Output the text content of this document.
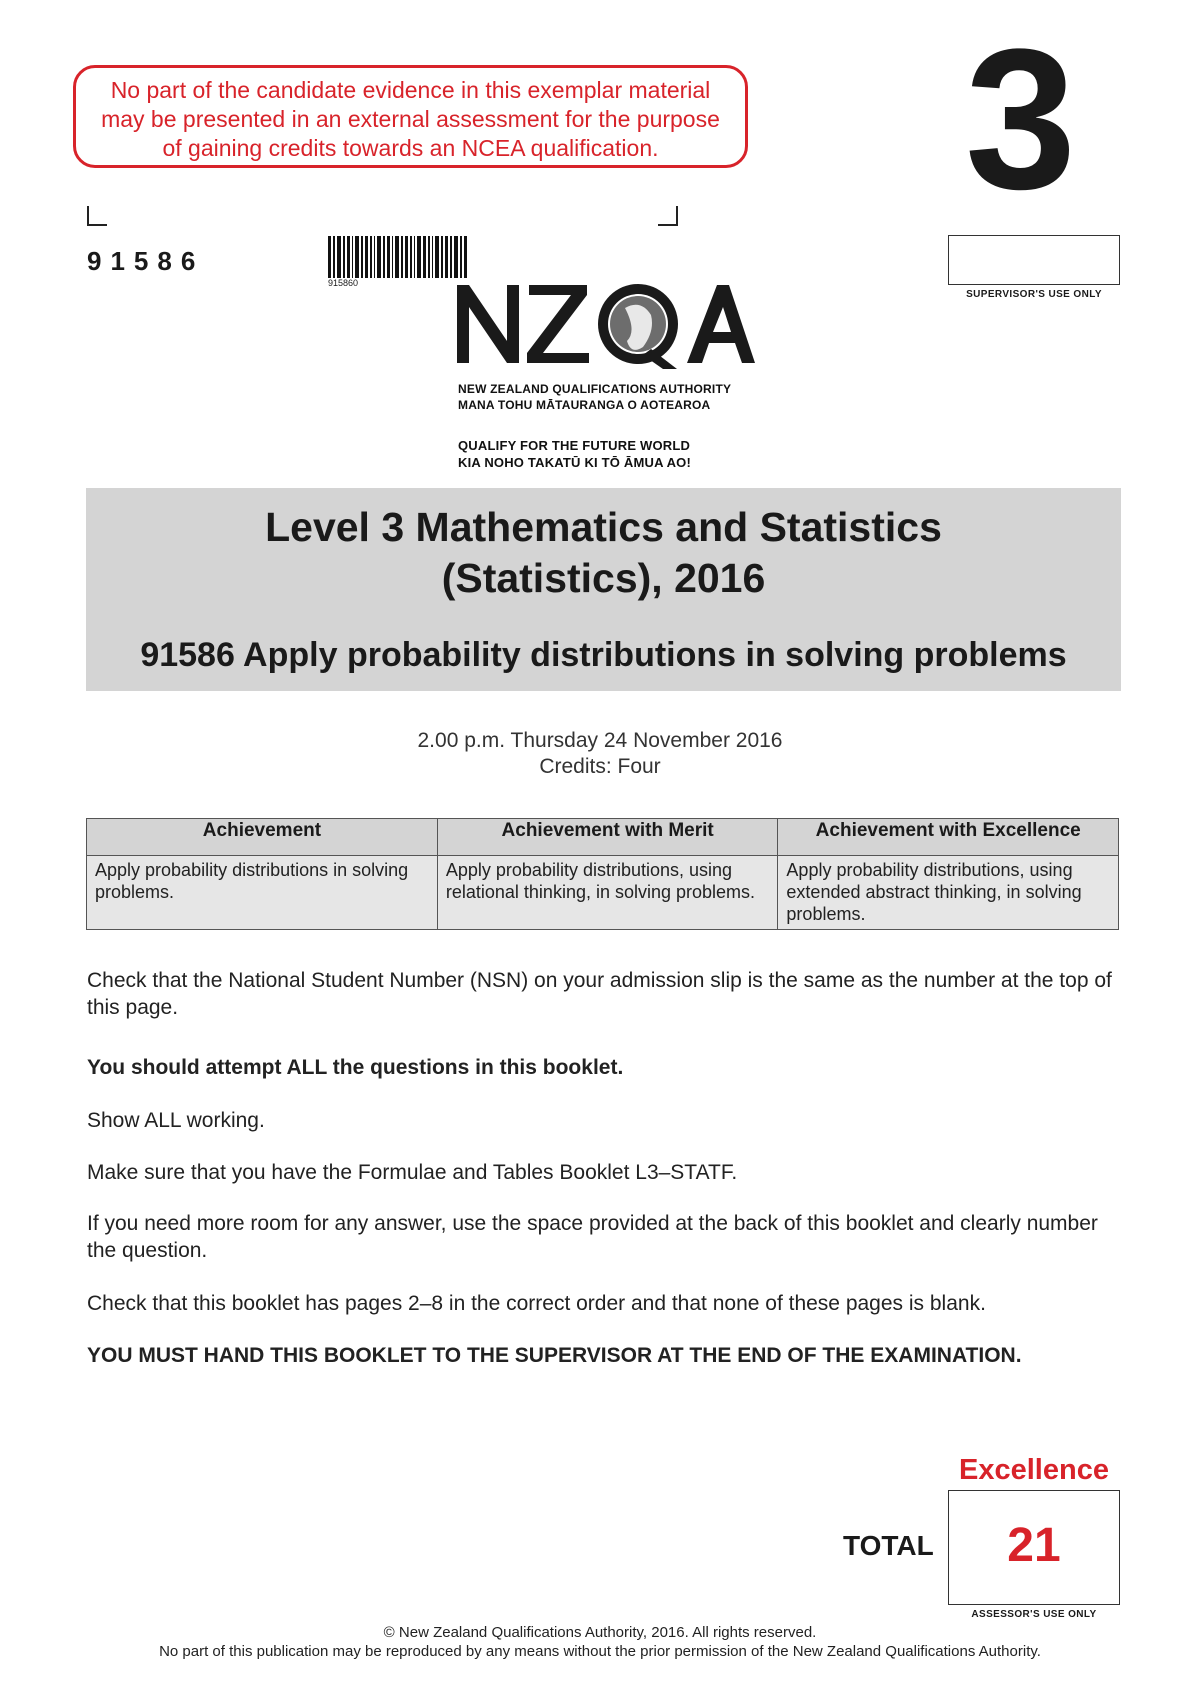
No part of the candidate evidence in this exemplar material
may be presented in an external assessment for the purpose
of gaining credits towards an NCEA qualification.
91586
915860
NEW ZEALAND QUALIFICATIONS AUTHORITY
MANA TOHU MĀTAURANGA O AOTEAROA
QUALIFY FOR THE FUTURE WORLD
KIA NOHO TAKATŪ KI TŌ ĀMUA AO!
3
SUPERVISOR'S USE ONLY
Level 3 Mathematics and Statistics
(Statistics), 2016
91586 Apply probability distributions in solving problems
2.00 p.m. Thursday 24 November 2016
Credits: Four
Achievement	Achievement with Merit	Achievement with Excellence
Apply probability distributions in solving problems.	Apply probability distributions, using relational thinking, in solving problems.	Apply probability distributions, using extended abstract thinking, in solving problems.
Check that the National Student Number (NSN) on your admission slip is the same as the number at the top of this page.
You should attempt ALL the questions in this booklet.
Show ALL working.
Make sure that you have the Formulae and Tables Booklet L3–STATF.
If you need more room for any answer, use the space provided at the back of this booklet and clearly number the question.
Check that this booklet has pages 2–8 in the correct order and that none of these pages is blank.
YOU MUST HAND THIS BOOKLET TO THE SUPERVISOR AT THE END OF THE EXAMINATION.
Excellence
TOTAL	21
ASSESSOR'S USE ONLY
© New Zealand Qualifications Authority, 2016. All rights reserved.
No part of this publication may be reproduced by any means without the prior permission of the New Zealand Qualifications Authority.
